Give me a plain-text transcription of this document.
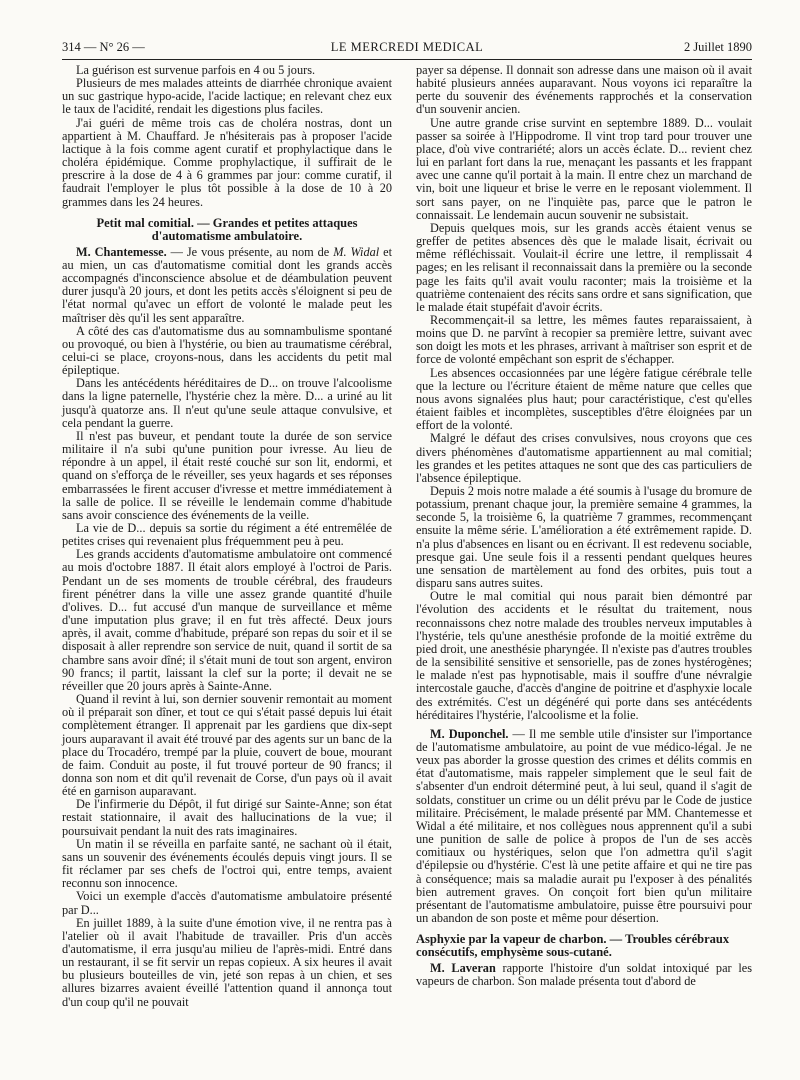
314 — N° 26 —	LE MERCREDI MEDICAL	2 Juillet 1890

La guérison est survenue parfois en 4 ou 5 jours.

Plusieurs de mes malades atteints de diarrhée chronique avaient un suc gastrique hypo-acide, l'acide lactique; en relevant chez eux le taux de l'acidité, rendait les digestions plus faciles.

J'ai guéri de même trois cas de choléra nostras, dont un appartient à M. Chauffard. Je n'hésiterais pas à proposer l'acide lactique à la fois comme agent curatif et prophylactique dans le choléra épidémique. Comme prophylactique, il suffirait de le prescrire à la dose de 4 à 6 grammes par jour: comme curatif, il faudrait l'employer le plus tôt possible à la dose de 10 à 20 grammes dans les 24 heures.

Petit mal comitial. — Grandes et petites attaques d'automatisme ambulatoire.

M. Chantemesse. — Je vous présente, au nom de M. Widal et au mien, un cas d'automatisme comitial dont les grands accès accompagnés d'inconscience absolue et de déambulation peuvent durer jusqu'à 20 jours, et dont les petits accès s'éloignent si peu de l'état normal qu'avec un effort de volonté le malade peut les maîtriser dès qu'il les sent apparaître.

A côté des cas d'automatisme dus au somnambulisme spontané ou provoqué, ou bien à l'hystérie, ou bien au traumatisme cérébral, celui-ci se place, croyons-nous, dans les accidents du petit mal épileptique.

Dans les antécédents héréditaires de D... on trouve l'alcoolisme dans la ligne paternelle, l'hystérie chez la mère. D... a uriné au lit jusqu'à quatorze ans. Il n'eut qu'une seule attaque convulsive, et cela pendant la guerre.

Il n'est pas buveur, et pendant toute la durée de son service militaire il n'a subi qu'une punition pour ivresse. Au lieu de répondre à un appel, il était resté couché sur son lit, endormi, et quand on s'efforça de le réveiller, ses yeux hagards et ses réponses embarrassées le firent accuser d'ivresse et mettre immédiatement à la salle de police. Il se réveille le lendemain comme d'habitude sans avoir conscience des événements de la veille.

La vie de D... depuis sa sortie du régiment a été entremêlée de petites crises qui revenaient plus fréquemment peu à peu.

Les grands accidents d'automatisme ambulatoire ont commencé au mois d'octobre 1887. Il était alors employé à l'octroi de Paris. Pendant un de ses moments de trouble cérébral, des fraudeurs firent pénétrer dans la ville une assez grande quantité d'huile d'olives. D... fut accusé d'un manque de surveillance et même d'une imputation plus grave; il en fut très affecté. Deux jours après, il avait, comme d'habitude, préparé son repas du soir et il se disposait à aller reprendre son service de nuit, quand il sortit de sa chambre sans avoir dîné; il s'était muni de tout son argent, environ 90 francs; il partit, laissant la clef sur la porte; il devait ne se réveiller que 20 jours après à Sainte-Anne.

Quand il revint à lui, son dernier souvenir remontait au moment où il préparait son dîner, et tout ce qui s'était passé depuis lui était complètement étranger. Il apprenait par les gardiens que dix-sept jours auparavant il avait été trouvé par des agents sur un banc de la place du Trocadéro, trempé par la pluie, couvert de boue, mourant de faim. Conduit au poste, il fut trouvé porteur de 90 francs; il donna son nom et dit qu'il revenait de Corse, d'un pays où il avait été en garnison auparavant.

De l'infirmerie du Dépôt, il fut dirigé sur Sainte-Anne; son état restait stationnaire, il avait des hallucinations de la vue; il poursuivait pendant la nuit des rats imaginaires.

Un matin il se réveilla en parfaite santé, ne sachant où il était, sans un souvenir des événements écoulés depuis vingt jours. Il se fit réclamer par ses chefs de l'octroi qui, entre temps, avaient reconnu son innocence.

Voici un exemple d'accès d'automatisme ambulatoire présenté par D...

En juillet 1889, à la suite d'une émotion vive, il ne rentra pas à l'atelier où il avait l'habitude de travailler. Pris d'un accès d'automatisme, il erra jusqu'au milieu de l'après-midi. Entré dans un restaurant, il se fit servir un repas copieux. A six heures il avait bu plusieurs bouteilles de vin, jeté son repas à un chien, et ses allures bizarres avaient éveillé l'attention quand il annonça tout d'un coup qu'il ne pouvait

payer sa dépense. Il donnait son adresse dans une maison où il avait habité plusieurs années auparavant. Nous voyons ici reparaître la perte du souvenir des événements rapprochés et la conservation d'un souvenir ancien.

Une autre grande crise survint en septembre 1889. D... voulait passer sa soirée à l'Hippodrome. Il vint trop tard pour trouver une place, d'où vive contrariété; alors un accès éclate. D... revient chez lui en parlant fort dans la rue, menaçant les passants et les frappant avec une canne qu'il portait à la main. Il entre chez un marchand de vin, boit une liqueur et brise le verre en le reposant violemment. Il sort sans payer, on ne l'inquiète pas, parce que le patron le connaissait. Le lendemain aucun souvenir ne subsistait.

Depuis quelques mois, sur les grands accès étaient venus se greffer de petites absences dès que le malade lisait, écrivait ou même réfléchissait. Voulait-il écrire une lettre, il remplissait 4 pages; en les relisant il reconnaissait dans la première ou la seconde page les faits qu'il avait voulu raconter; mais la troisième et la quatrième contenaient des récits sans ordre et sans signification, que le malade était stupéfait d'avoir écrits.

Recommençait-il sa lettre, les mêmes fautes reparaissaient, à moins que D. ne parvînt à recopier sa première lettre, suivant avec son doigt les mots et les phrases, arrivant à maîtriser son esprit et de force de volonté empêchant son esprit de s'échapper.

Les absences occasionnées par une légère fatigue cérébrale telle que la lecture ou l'écriture étaient de même nature que celles que nous avons signalées plus haut; pour caractéristique, c'est qu'elles étaient faibles et incomplètes, susceptibles d'être éloignées par un effort de la volonté.

Malgré le défaut des crises convulsives, nous croyons que ces divers phénomènes d'automatisme appartiennent au mal comitial; les grandes et les petites attaques ne sont que des cas particuliers de l'absence épileptique.

Depuis 2 mois notre malade a été soumis à l'usage du bromure de potassium, prenant chaque jour, la première semaine 4 grammes, la seconde 5, la troisième 6, la quatrième 7 grammes, recommençant ensuite la même série. L'amélioration a été extrêmement rapide. D. n'a plus d'absences en lisant ou en écrivant. Il est redevenu sociable, presque gai. Une seule fois il a ressenti pendant quelques heures une sensation de martèlement au fond des orbites, puis tout a disparu sans autres suites.

Outre le mal comitial qui nous parait bien démontré par l'évolution des accidents et le résultat du traitement, nous reconnaissons chez notre malade des troubles nerveux imputables à l'hystérie, tels qu'une anesthésie profonde de la moitié extrême du pied droit, une anesthésie pharyngée. Il n'existe pas d'autres troubles de la sensibilité sensitive et sensorielle, pas de zones hystérogènes; le malade n'est pas hypnotisable, mais il souffre d'une névralgie intercostale gauche, d'accès d'angine de poitrine et d'asphyxie locale des extrémités. C'est un dégénéré qui porte dans ses antécédents héréditaires l'hystérie, l'alcoolisme et la folie.

M. Duponchel. — Il me semble utile d'insister sur l'importance de l'automatisme ambulatoire, au point de vue médico-légal. Je ne veux pas aborder la grosse question des crimes et délits commis en état d'automatisme, mais rappeler simplement que le seul fait de s'absenter d'un endroit déterminé peut, à lui seul, quand il s'agit de soldats, constituer un crime ou un délit prévu par le Code de justice militaire. Précisément, le malade présenté par MM. Chantemesse et Widal a été militaire, et nos collègues nous apprennent qu'il a subi une punition de salle de police à propos de l'un de ses accès comitiaux ou hystériques, selon que l'on admettra qu'il s'agit d'épilepsie ou d'hystérie. C'est là une petite affaire et qui ne tire pas à conséquence; mais sa maladie aurait pu l'exposer à des pénalités bien autrement graves. On conçoit fort bien qu'un militaire présentant de l'automatisme ambulatoire, puisse être poursuivi pour un abandon de son poste et même pour désertion.

Asphyxie par la vapeur de charbon. — Troubles cérébraux consécutifs, emphysème sous-cutané.

M. Laveran rapporte l'histoire d'un soldat intoxiqué par les vapeurs de charbon. Son malade présenta tout d'abord de
